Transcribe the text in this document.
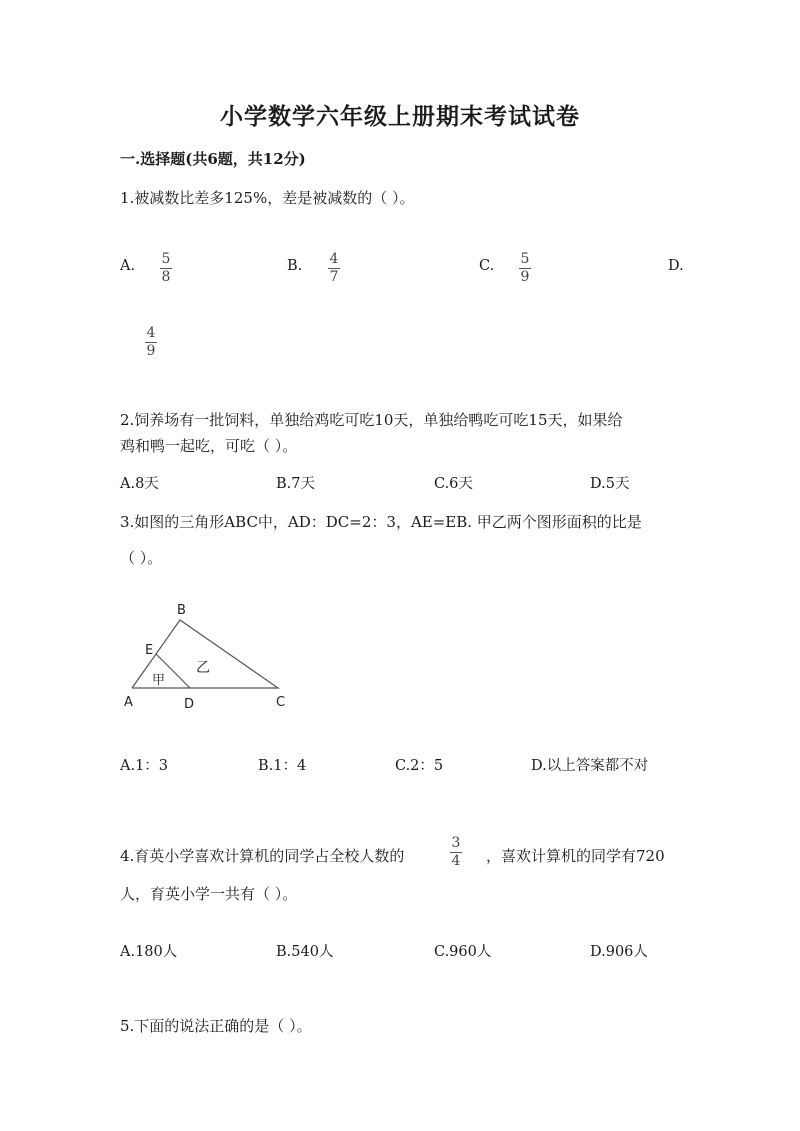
小学数学六年级上册期末考试试卷
一.选择题(共6题，共12分)
1.被减数比差多125%，差是被减数的（ ）。
A. 5
8
B. 4
7
C. 5
9
D.
4
9
2.饲养场有一批饲料，单独给鸡吃可吃10天，单独给鸭吃可吃15天，如果给
鸡和鸭一起吃，可吃（ ）。
A.8天	B.7天	C.6天	D.5天
3.如图的三角形ABC中，AD：DC=2：3，AE=EB. 甲乙两个图形面积的比是
（ ）。
B
E
A	D	C
甲
乙
A.1：3	B.1：4	C.2：5	D.以上答案都不对
4.育英小学喜欢计算机的同学占全校人数的
3
4 ，喜欢计算机的同学有720
人，育英小学一共有（ ）。
A.180人	B.540人	C.960人	D.906人
5.下面的说法正确的是（ ）。
